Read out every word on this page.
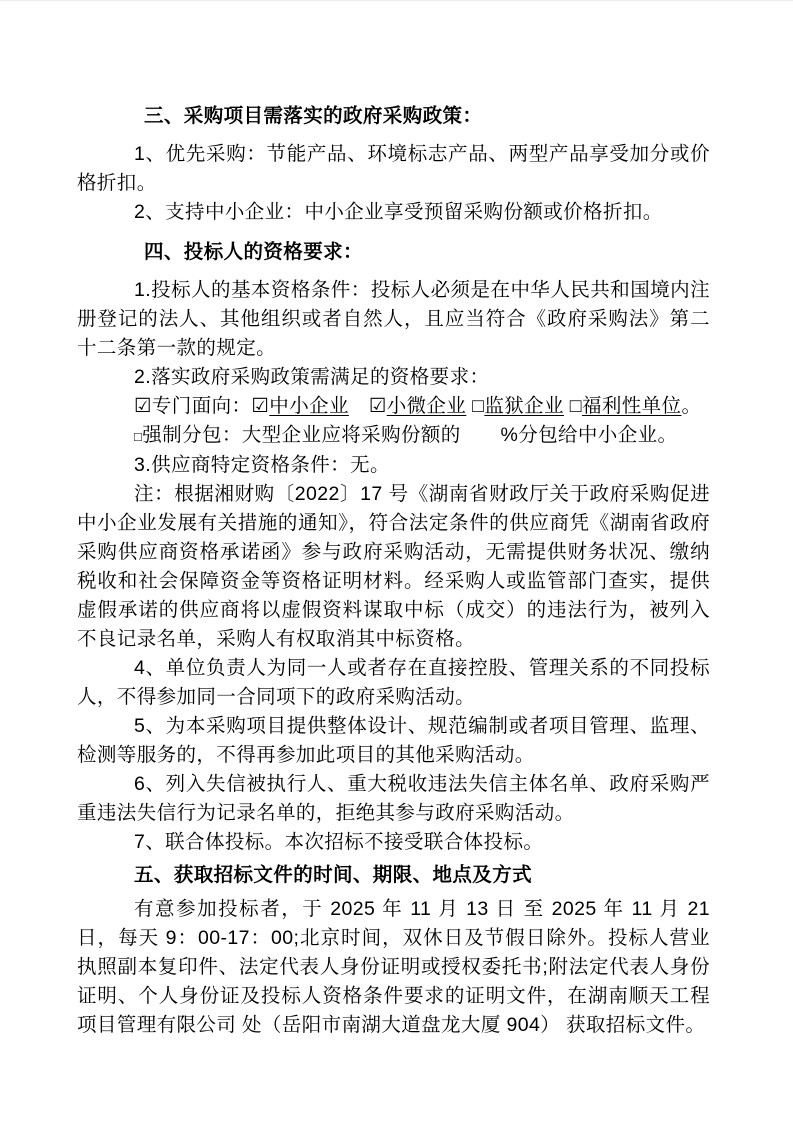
三、采购项目需落实的政府采购政策：
1、优先采购：节能产品、环境标志产品、两型产品享受加分或价格折扣。
2、支持中小企业：中小企业享受预留采购份额或价格折扣。
四、投标人的资格要求：
1.投标人的基本资格条件：投标人必须是在中华人民共和国境内注册登记的法人、其他组织或者自然人，且应当符合《政府采购法》第二十二条第一款的规定。
2.落实政府采购政策需满足的资格要求：
☑专门面向：☑中小企业　 ☑小微企业 □监狱企业 □福利性单位。
□强制分包：大型企业应将采购份额的　　%分包给中小企业。
3.供应商特定资格条件：无。
注：根据湘财购〔2022〕17 号《湖南省财政厅关于政府采购促进中小企业发展有关措施的通知》，符合法定条件的供应商凭《湖南省政府采购供应商资格承诺函》参与政府采购活动，无需提供财务状况、缴纳税收和社会保障资金等资格证明材料。经采购人或监管部门查实，提供虚假承诺的供应商将以虚假资料谋取中标（成交）的违法行为，被列入不良记录名单，采购人有权取消其中标资格。
4、单位负责人为同一人或者存在直接控股、管理关系的不同投标人，不得参加同一合同项下的政府采购活动。
5、为本采购项目提供整体设计、规范编制或者项目管理、监理、检测等服务的，不得再参加此项目的其他采购活动。
6、列入失信被执行人、重大税收违法失信主体名单、政府采购严重违法失信行为记录名单的，拒绝其参与政府采购活动。
7、联合体投标。本次招标不接受联合体投标。
五、获取招标文件的时间、期限、地点及方式
有意参加投标者，于 2025 年 11 月 13 日 至 2025 年 11 月 21 日，每天 9：00-17：00;北京时间，双休日及节假日除外。投标人营业执照副本复印件、法定代表人身份证明或授权委托书;附法定代表人身份证明、个人身份证及投标人资格条件要求的证明文件，在湖南顺天工程项目管理有限公司 处（岳阳市南湖大道盘龙大厦 904） 获取招标文件。
